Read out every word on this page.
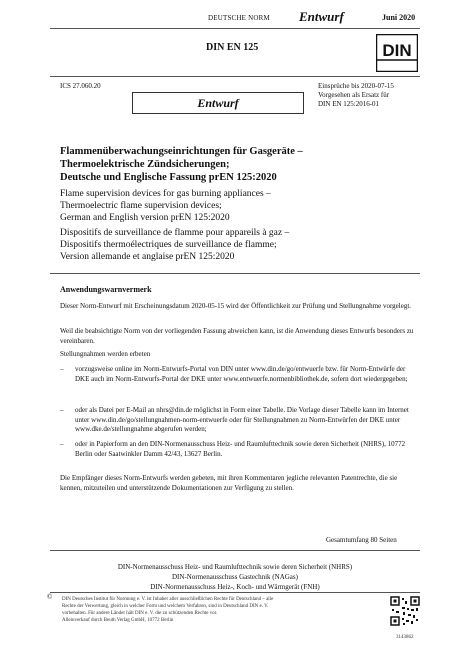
DEUTSCHE NORM Entwurf	Juni 2020
DIN EN 125	DIN
ICS 27.060.20	Einsprüche bis 2020-07-15
Vorgesehen als Ersatz für
DIN EN 125:2016-01
Entwurf
Flammenüberwachungseinrichtungen für Gasgeräte –
Thermoelektrische Zündsicherungen;
Deutsche und Englische Fassung prEN 125:2020
Flame supervision devices for gas burning appliances –
Thermoelectric flame supervision devices;
German and English version prEN 125:2020
Dispositifs de surveillance de flamme pour appareils à gaz –
Dispositifs thermoélectriques de surveillance de flamme;
Version allemande et anglaise prEN 125:2020
Anwendungswarnvermerk
Dieser Norm-Entwurf mit Erscheinungsdatum 2020-05-15 wird der Öffentlichkeit zur Prüfung und Stellungnahme vorgelegt.
Weil die beabsichtigte Norm von der vorliegenden Fassung abweichen kann, ist die Anwendung dieses Entwurfs besonders zu vereinbaren.
Stellungnahmen werden erbeten
– vorzugsweise online im Norm-Entwurfs-Portal von DIN unter www.din.de/go/entwuerfe bzw. für Norm-Entwürfe der DKE auch im Norm-Entwurfs-Portal der DKE unter www.entwuerfe.normenbibliothek.de, sofern dort wiedergegeben;
– oder als Datei per E-Mail an nhrs@din.de möglichst in Form einer Tabelle. Die Vorlage dieser Tabelle kann im Internet unter www.din.de/go/stellungnahmen-norm-entwuerfe oder für Stellungnahmen zu Norm-Entwürfen der DKE unter www.dke.de/stellungnahme abgerufen werden;
– oder in Papierform an den DIN-Normenausschuss Heiz- und Raumlufttechnik sowie deren Sicherheit (NHRS), 10772 Berlin oder Saatwinkler Damm 42/43, 13627 Berlin.
Die Empfänger dieses Norm-Entwurfs werden gebeten, mit ihren Kommentaren jegliche relevanten Patentrechte, die sie kennen, mitzuteilen und unterstützende Dokumentationen zur Verfügung zu stellen.
Gesamtumfang 80 Seiten
DIN-Normenausschuss Heiz- und Raumlufttechnik sowie deren Sicherheit (NHRS)
DIN-Normenausschuss Gastechnik (NAGas)
DIN-Normenausschuss Heiz-, Koch- und Wärmgerät (FNH)
© DIN Deutsches Institut für Normung e. V. ist Inhaber aller ausschließlichen Rechte für Deutschland – alle
Rechte der Verwertung, gleich in welcher Form und welchem Verfahren, sind in Deutschland DIN e. V.
vorbehalten. Für andere Länder hält DIN e. V. die zu schützenden Rechte vor.
Alleinverkauf durch Beuth Verlag GmbH, 10772 Berlin
3143862
